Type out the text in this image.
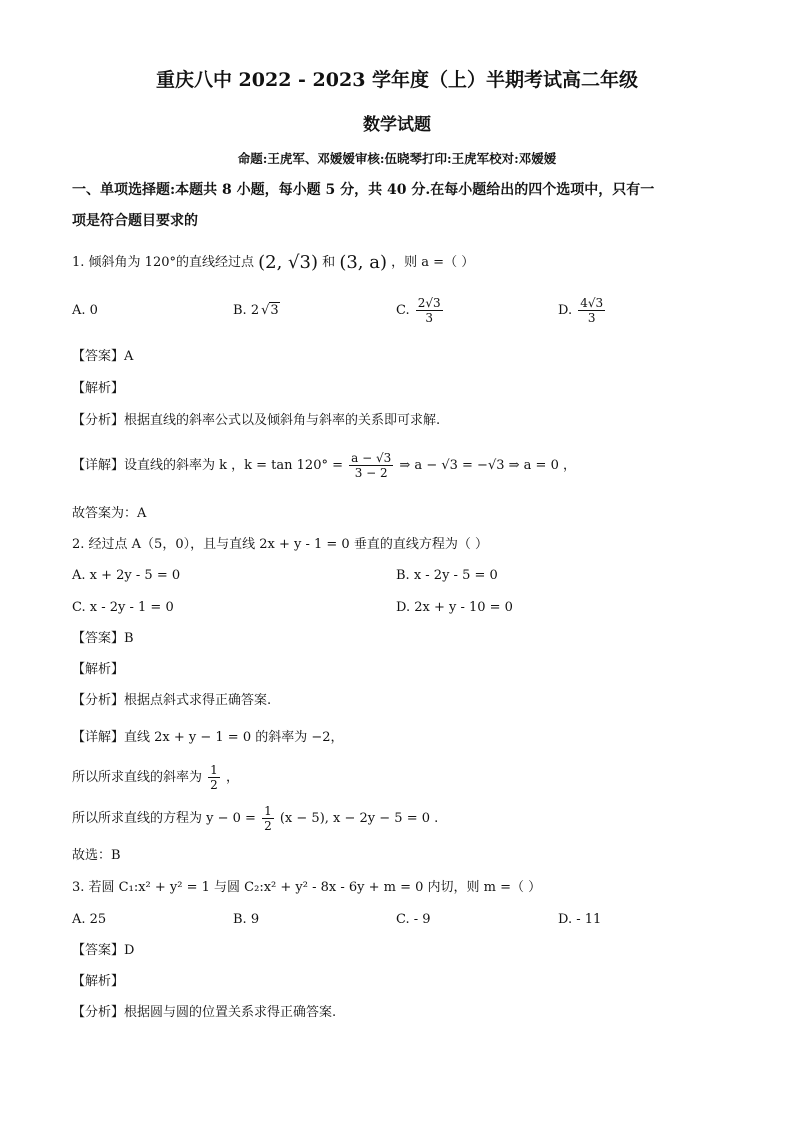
重庆八中 2022 - 2023 学年度（上）半期考试高二年级
数学试题
命题:王虎军、邓嫒嫒审核:伍晓琴打印:王虎军校对:邓嫒嫒
一、单项选择题:本题共 8 小题，每小题 5 分，共 40 分.在每小题给出的四个选项中，只有一
项是符合题目要求的
1. 倾斜角为 120°的直线经过点 (2, √3) 和 (3, a) ，则 a =（ ）
A. 0	B. 2 √3	C. $\frac{2√3}{3}$	D. $\frac{4√3}{3}$
【答案】A
【解析】
【分析】根据直线的斜率公式以及倾斜角与斜率的关系即可求解.
【详解】设直线的斜率为 k ，$k = \tan 120^\circ = \frac{a - √3}{3 - 2}$ ⇒ a − √3 = −√3 ⇒ a = 0 ，
故答案为：A
2. 经过点 A（5，0），且与直线 2x + y - 1 = 0 垂直的直线方程为（ ）
A. x + 2y - 5 = 0	B. x - 2y - 5 = 0
C. x - 2y - 1 = 0	D. 2x + y - 10 = 0
【答案】B
【解析】
【分析】根据点斜式求得正确答案.
【详解】直线 2x + y − 1 = 0 的斜率为 −2，
所以所求直线的斜率为 $\frac{1}{2}$ ，
所以所求直线的方程为 $y - 0 = \frac{1}{2} (x - 5)$, x − 2y − 5 = 0 .
故选：B
3. 若圆 C₁:x² + y² = 1 与圆 C₂:x² + y² - 8x - 6y + m = 0 内切，则 m =（ ）
A. 25	B. 9	C. - 9	D. - 11
【答案】D
【解析】
【分析】根据圆与圆的位置关系求得正确答案.
